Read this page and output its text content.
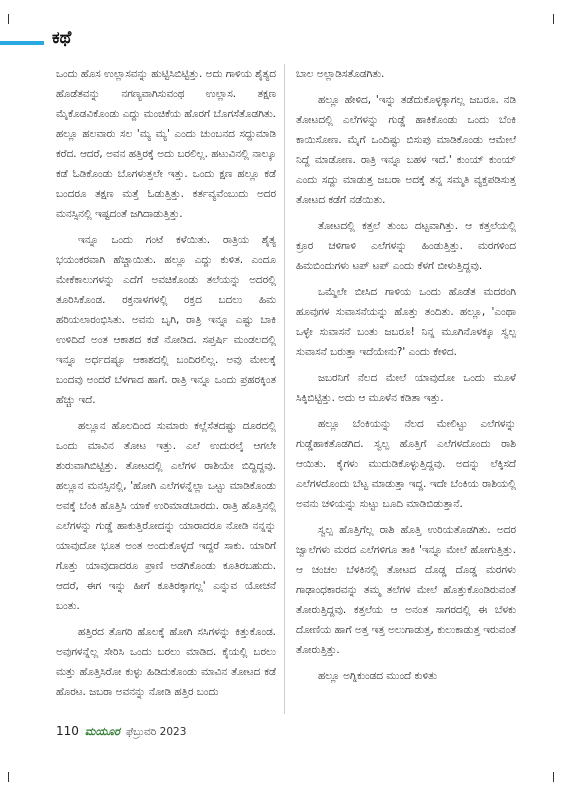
ಕಥೆ

ಒಂದು ಹೊಸ ಉಲ್ಲಾಸವನ್ನು ಹುಟ್ಟಿಸಿಬಿಟ್ಟಿತ್ತು. ಅದು ಗಾಳಿಯ ಶೈತ್ಯದ ಹೊಡೆತವನ್ನು ನಗಣ್ಯವಾಗಿಸುವಂಥ ಉಲ್ಲಾಸ. ತಕ್ಷಣ ಮೈಕೊಡವಿಕೊಂಡು ಎದ್ದು ಮಂಚಿಕೆಯ ಹೊರಗೆ ಬೊಗಸೆತೊಡಗಿತು. ಹಲ್ಲೂ ಹಲವಾರು ಸಲ 'ಮ್ಯ ಮ್ಯ' ಎಂದು ಚುಂಬನದ ಸದ್ದುಮಾಡಿ ಕರೆದ. ಆದರೆ, ಅವನ ಹತ್ತಿರಕ್ಕೆ ಅದು ಬರಲಿಲ್ಲ. ಹಟುವಿನಲ್ಲಿ ನಾಲ್ಕೂ ಕಡೆ ಓಡಿಕೊಂಡು ಬೊಗಳುತ್ತಲೇ ಇತ್ತು. ಒಂದು ಕ್ಷಣ ಹಲ್ಲೂ ಕಡೆ ಬಂದರೂ ತಕ್ಷಣ ಮತ್ತೆ ಓಡುತ್ತಿತ್ತು. ಕರ್ತವ್ಯವೆಂಬುದು ಅದರ ಮನಸ್ಸಿನಲ್ಲಿ ಇಷ್ಟದಂತೆ ಜಗಿದಾಡುತ್ತಿತ್ತು.

ಇನ್ನೂ ಒಂದು ಗಂಟೆ ಕಳೆಯಿತು. ರಾತ್ರಿಯ ಶೈತ್ಯ ಭಯಂಕರವಾಗಿ ಹೆಚ್ಚಾಯಿತು. ಹಲ್ಲೂ ಎದ್ದು ಕುಳಿತ. ಎಂದೂ ಮೇಕೆಕಾಲುಗಳನ್ನು ಎದೆಗೆ ಅವಚಿಕೊಂಡು ತಲೆಯನ್ನು ಅದರಲ್ಲಿ ತೂರಿಸಿಕೊಂಡ. ರಕ್ತನಾಳಗಳಲ್ಲಿ ರಕ್ತದ ಬದಲು ಹಿಮ ಹರಿಯಲಾರಂಭಿಸಿತು. ಅವನು ಬೃಗಿ, ರಾತ್ರಿ ಇನ್ನೂ ಎಷ್ಟು ಬಾಕಿ ಉಳಿದಿದೆ ಅಂತ ಆಕಾಶದ ಕಡೆ ನೋಡಿದ. ಸಪ್ತರ್ಷಿ ಮಂಡಲದಲ್ಲಿ ಇನ್ನೂ ಅರ್ಧದಷ್ಟೂ ಆಕಾಶದಲ್ಲಿ ಬಂದಿರಲಿಲ್ಲ. ಅವು ಮೇಲಕ್ಕೆ ಬಂದವು ಅಂದರೆ ಬೆಳಗಾದ ಹಾಗೆ. ರಾತ್ರಿ ಇನ್ನೂ ಒಂದು ಪ್ರಹರಕ್ಕಿಂತ ಹೆಚ್ಚು ಇದೆ.

ಹಲ್ಲೂನ ಹೊಲದಿಂದ ಸುಮಾರು ಕಲ್ಲೆಸೆತದಷ್ಟು ದೂರದಲ್ಲಿ ಒಂದು ಮಾವಿನ ತೋಟ ಇತ್ತು. ಎಲೆ ಉದುರಲ್ಕೆ ಆಗಲೇ ಶುರುವಾಗಿಬಿಟ್ಟಿತ್ತು. ತೋಟದಲ್ಲಿ ಎಲೆಗಳ ರಾಶಿಯೇ ಬಿದ್ದಿದ್ದವು. ಹಲ್ಲೂನ ಮನಸ್ಸಿನಲ್ಲಿ, 'ಹೋಗಿ ಎಲೆಗಳನ್ನೆಲ್ಲಾ ಒಟ್ಟು ಮಾಡಿಕೊಂಡು ಅವಕ್ಕೆ ಬೆಂಕಿ ಹೊತ್ತಿಸಿ ಯಾಕೆ ಉರಿಮಾಡಬಾರದು. ರಾತ್ರಿ ಹೊತ್ತಿನಲ್ಲಿ ಎಲೆಗಳನ್ನು ಗುಡ್ಡೆ ಹಾಕುತ್ತಿರೋದನ್ನು ಯಾರಾದರೂ ನೋಡಿ ನನ್ನನ್ನು ಯಾವುದೋ ಭೂತ ಅಂತ ಅಂದುಕೊಳ್ಳದೆ ಇದ್ದರೆ ಸಾಕು. ಯಾರಿಗೆ ಗೊತ್ತು ಯಾವುದಾದರೂ ಪ್ರಾಣಿ ಅಡಗಿಕೊಂಡು ಕೂತಿರಬಹುದು. ಆದರೆ, ಈಗ ಇನ್ನು ಹೀಗೆ ಕೂತಿರಕ್ಕಾಗಲ್ಲ' ಎನ್ನುವ ಯೋಚನೆ ಬಂತು.

ಹತ್ತಿರದ ತೊಗರಿ ಹೊಲಕ್ಕೆ ಹೋಗಿ ಸಸಿಗಳನ್ನು ಕಿತ್ತುಕೊಂಡ. ಅವುಗಳನ್ನೆಲ್ಲ ಸೇರಿಸಿ ಒಂದು ಬರಲು ಮಾಡಿದ. ಕೈಯಲ್ಲಿ ಬರಲು ಮತ್ತು ಹೊತ್ತಿಸಿರೋ ಕುಳ್ಳು ಹಿಡಿದುಕೊಂಡು ಮಾವಿನ ತೋಟದ ಕಡೆ ಹೊರಟ. ಜಬರಾ ಅವನನ್ನು ನೋಡಿ ಹತ್ತಿರ ಬಂದು

ಬಾಲ ಅಲ್ಲಾಡಿಸತೊಡಗಿತು.

ಹಲ್ಲೂ ಹೇಳಿದ, 'ಇನ್ನು ತಡೆದುಕೊಳ್ಳಕ್ಕಾಗಲ್ಲ ಜಬರೂ. ನಡಿ ತೋಟದಲ್ಲಿ ಎಲೆಗಳನ್ನು ಗುಡ್ಡೆ ಹಾಕಿಕೊಂಡು ಒಂದು ಬೆಂಕಿ ಕಾಯಿಸೋಣ. ಮೈಗೆ ಒಂದಿಷ್ಟು ಬಿಸುಪು ಮಾಡಿಕೊಂಡು ಆಮೇಲೆ ನಿದ್ದೆ ಮಾಡೋಣ. ರಾತ್ರಿ ಇನ್ನೂ ಬಹಳ ಇದೆ.' ಕುಂಯ್ ಕುಂಯ್ ಎಂದು ಸದ್ದು ಮಾಡುತ್ತ ಜಬರಾ ಅದಕ್ಕೆ ತನ್ನ ಸಮ್ಮತಿ ವ್ಯಕ್ತಪಡಿಸುತ್ತ ತೋಟದ ಕಡೆಗೆ ನಡೆಯಿತು.

ತೋಟದಲ್ಲಿ ಕತ್ತಲೆ ತುಂಬ ದಟ್ಟವಾಗಿತ್ತು. ಆ ಕತ್ತಲೆಯಲ್ಲಿ ಕ್ರೂರ ಚಳಿಗಾಳಿ ಎಲೆಗಳನ್ನು ಹಿಂಡುತ್ತಿತ್ತು. ಮರಗಳಿಂದ ಹಿಮಬಿಂದುಗಳು ಟಪ್ ಟಪ್ ಎಂದು ಕೆಳಗೆ ಬೀಳುತ್ತಿದ್ದವು.

ಒಮ್ಮೆಲೇ ಬೀಸಿದ ಗಾಳಿಯ ಒಂದು ಹೊಡೆತ ಮದರಂಗಿ ಹೂವುಗಳ ಸುವಾಸನೆಯನ್ನು ಹೊತ್ತು ತಂದಿತು. ಹಲ್ಲೂ, 'ಎಂಥಾ ಒಳ್ಳೇ ಸುವಾಸನೆ ಬಂತು ಜಬರೂ! ನಿನ್ನ ಮೂಗಿನೊಳಕ್ಕೂ ಸ್ವಲ್ಪ ಸುವಾಸನೆ ಬರುತ್ತಾ ಇದೆಯೇನು?' ಎಂದು ಕೇಳಿದ.

ಜಬರನಿಗೆ ನೆಲದ ಮೇಲೆ ಯಾವುದೋ ಒಂದು ಮೂಳೆ ಸಿಕ್ಕಿಬಿಟ್ಟಿತ್ತು. ಅದು ಆ ಮೂಳೆನ ಕಡಿತಾ ಇತ್ತು.

ಹಲ್ಲೂ ಬೆಂಕಿಯನ್ನು ನೆಲದ ಮೇಲಿಟ್ಟು ಎಲೆಗಳನ್ನು ಗುಡ್ಡೆಹಾಕತೊಡಗಿದ. ಸ್ವಲ್ಪ ಹೊತ್ತಿಗೆ ಎಲೆಗಳದೊಂದು ರಾಶಿ ಆಯಿತು. ಕೈಗಳು ಮುದುಡಿಕೊಳ್ಳುತ್ತಿದ್ದವು. ಅದನ್ನು ಲೆಕ್ಕಿಸದೆ ಎಲೆಗಳದೊಂದು ಬೆಟ್ಟ ಮಾಡುತ್ತಾ ಇದ್ದ. ಇದೇ ಬೆಂಕಿಯ ರಾಶಿಯಲ್ಲಿ ಅವನು ಚಳಿಯನ್ನು ಸುಟ್ಟು ಬೂದಿ ಮಾಡಿಬಿಡುತ್ತಾನೆ.

ಸ್ವಲ್ಪ ಹೊತ್ತಿಗೆಲ್ಲ ರಾಶಿ ಹೊತ್ತಿ ಉರಿಯತೊಡಗಿತು. ಅದರ ಜ್ವಾಲೆಗಳು ಮರದ ಎಲೆಗಳಿಗೂ ತಾಕಿ 'ಇನ್ನೂ ಮೇಲೆ ಹೋಗುತ್ತಿತ್ತು. ಆ ಚಂಚಲ ಬೆಳಕಿನಲ್ಲಿ ತೋಟದ ದೊಡ್ಡ ದೊಡ್ಡ ಮರಗಳು ಗಾಢಾಂಧಕಾರವನ್ನು ತಮ್ಮ ತಲೆಗಳ ಮೇಲೆ ಹೊತ್ತುಕೊಂಡಿರುವಂತೆ ತೋರುತ್ತಿದ್ದವು. ಕತ್ತಲೆಯ ಆ ಅನಂತ ಸಾಗರದಲ್ಲಿ ಈ ಬೆಳಕು ದೋಣಿಯ ಹಾಗೆ ಅತ್ತ ಇತ್ತ ಅಲುಗಾಡುತ್ತ, ಕುಲುಕಾಡುತ್ತ ಇರುವಂತೆ ತೋರುತ್ತಿತ್ತು.

ಹಲ್ಲೂ ಅಗ್ನಿಕುಂಡದ ಮುಂದೆ ಕುಳಿತು

110 ಮಯೂರ ಫೆಬ್ರುವರಿ 2023
